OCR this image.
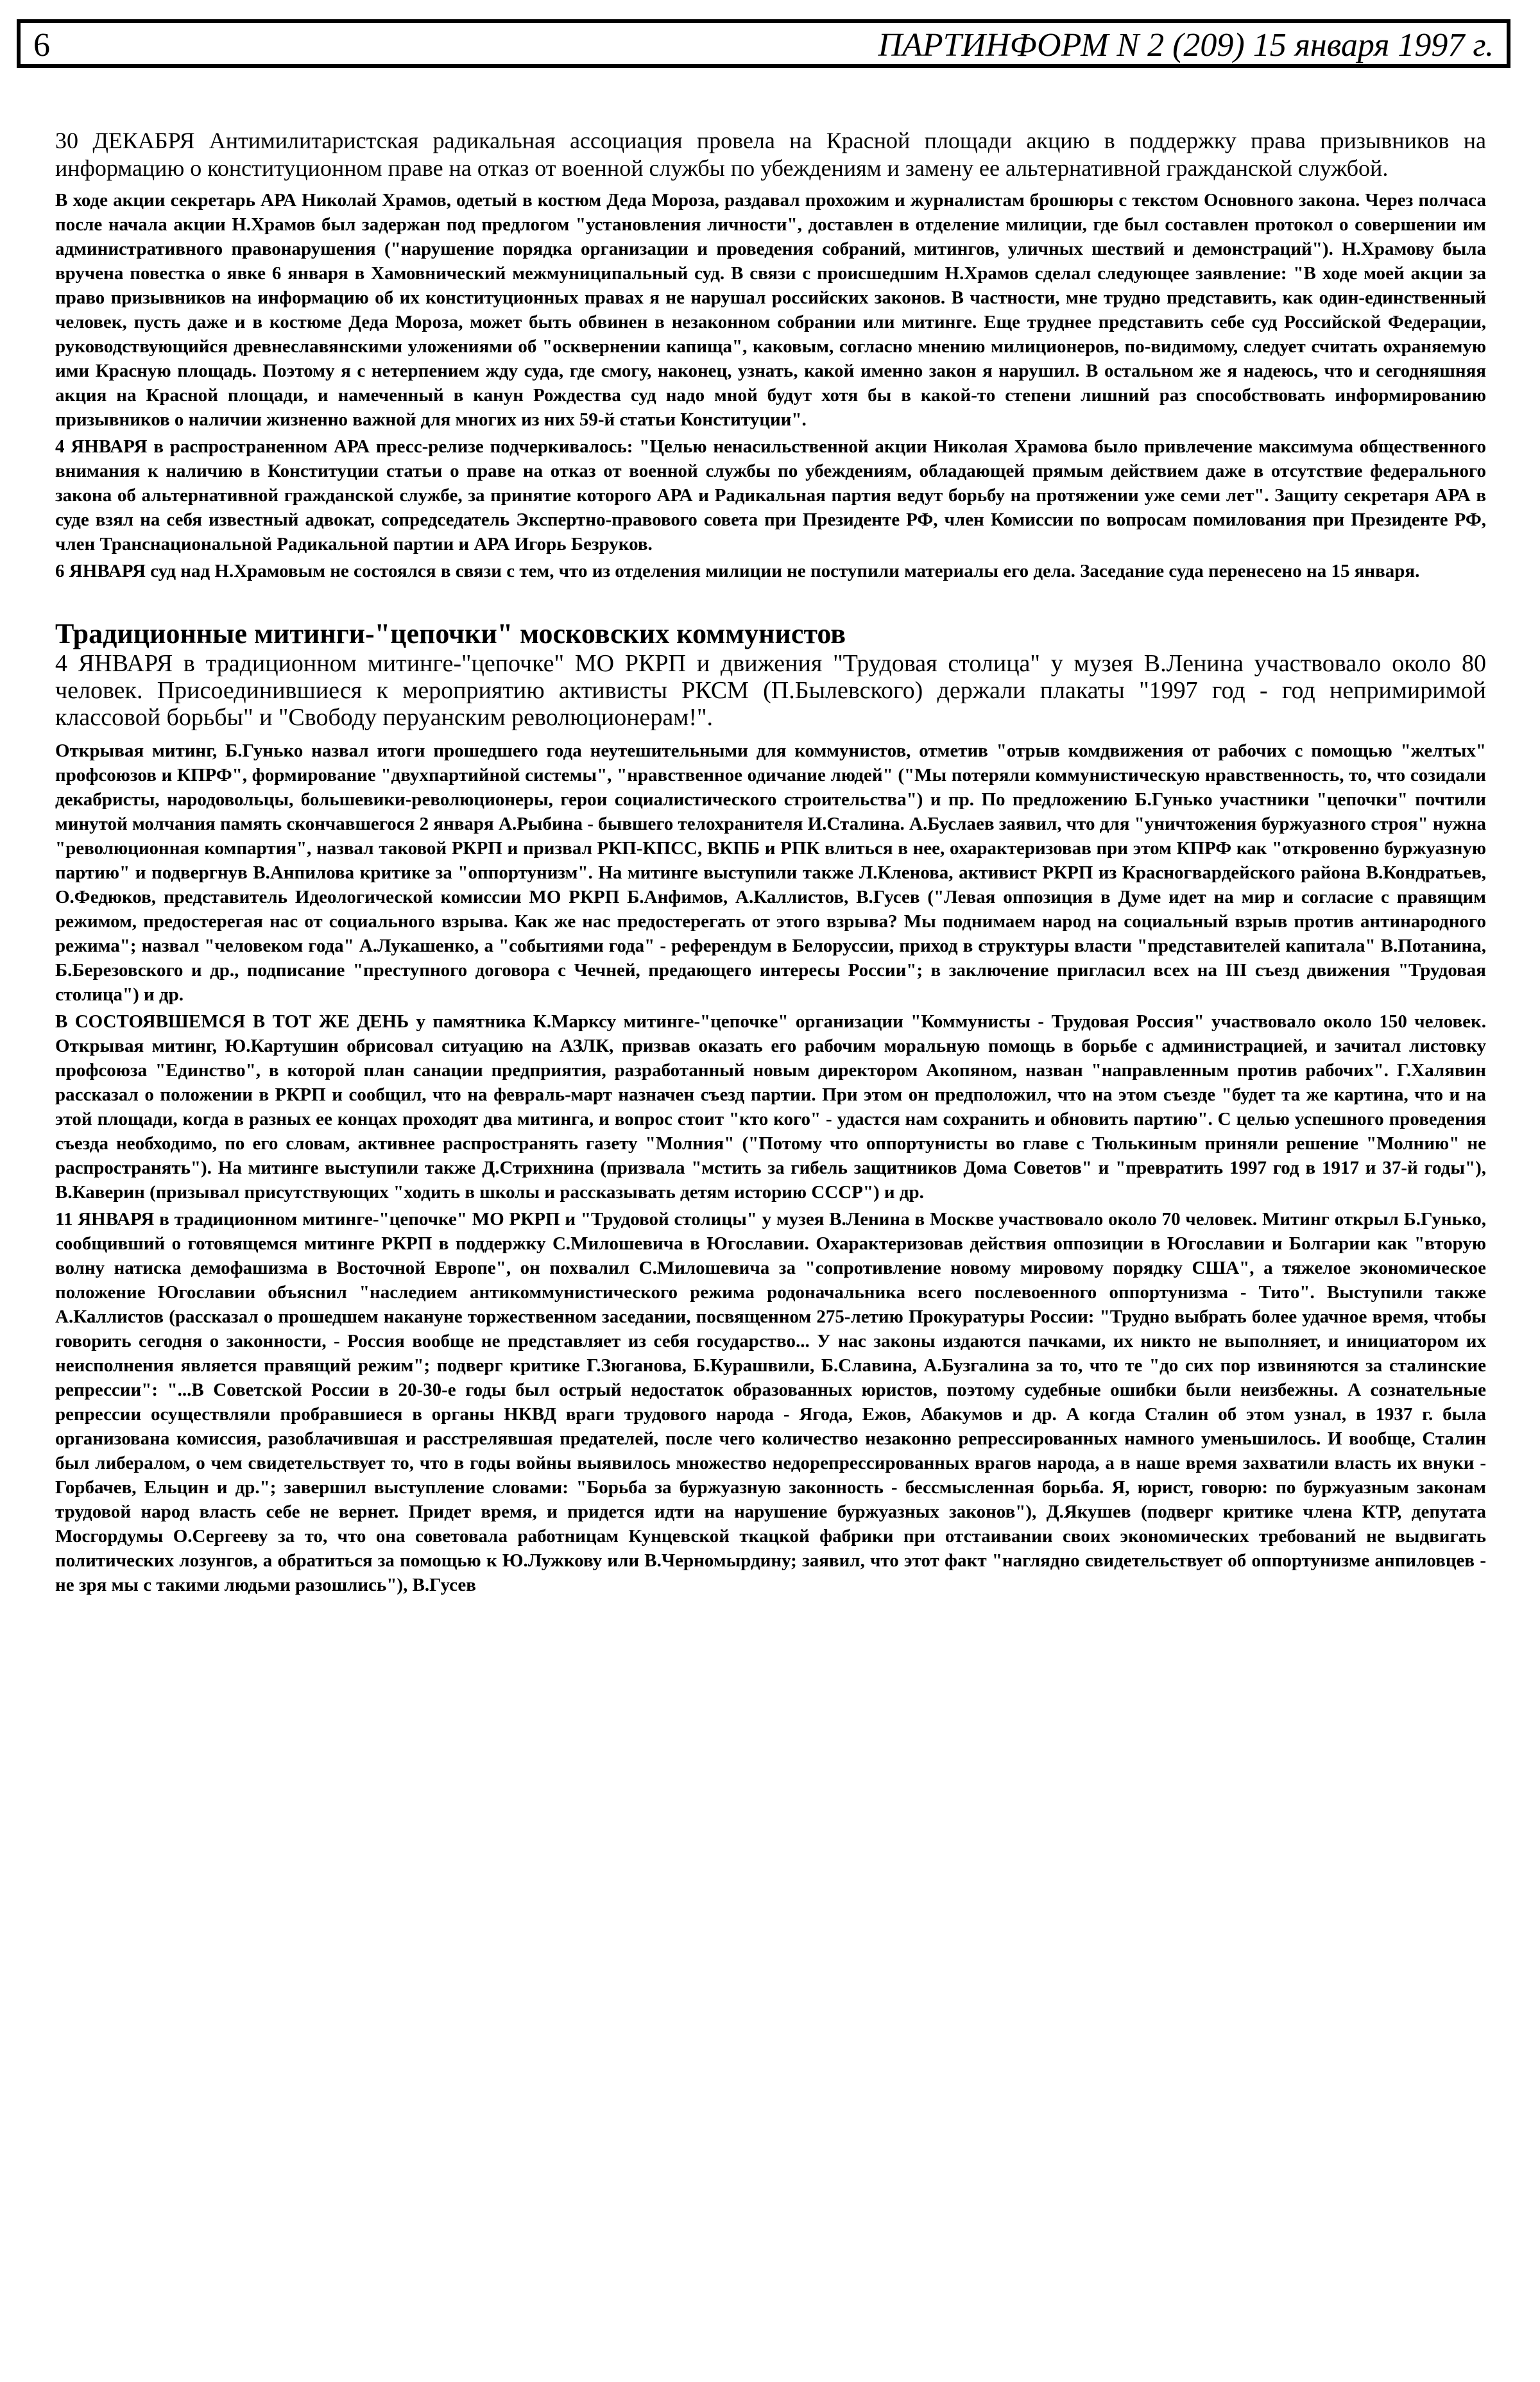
6	ПАРТИНФОРМ N 2 (209) 15 января 1997 г.

30 ДЕКАБРЯ Антимилитаристская радикальная ассоциация провела на Красной площади акцию в поддержку права призывников на информацию о конституционном праве на отказ от военной службы по убеждениям и замену ее альтернативной гражданской службой.

В ходе акции секретарь АРА Николай Храмов, одетый в костюм Деда Мороза, раздавал прохожим и журналистам брошюры с текстом Основного закона. Через полчаса после начала акции Н.Храмов был задержан под предлогом "установления личности", доставлен в отделение милиции, где был составлен протокол о совершении им административного правонарушения ("нарушение порядка организации и проведения собраний, митингов, уличных шествий и демонстраций"). Н.Храмову была вручена повестка о явке 6 января в Хамовнический межмуниципальный суд. В связи с происшедшим Н.Храмов сделал следующее заявление: "В ходе моей акции за право призывников на информацию об их конституционных правах я не нарушал российских законов. В частности, мне трудно представить, как один-единственный человек, пусть даже и в костюме Деда Мороза, может быть обвинен в незаконном собрании или митинге. Еще труднее представить себе суд Российской Федерации, руководствующийся древнеславянскими уложениями об "осквернении капища", каковым, согласно мнению милиционеров, по-видимому, следует считать охраняемую ими Красную площадь. Поэтому я с нетерпением жду суда, где смогу, наконец, узнать, какой именно закон я нарушил. В остальном же я надеюсь, что и сегодняшняя акция на Красной площади, и намеченный в канун Рождества суд надо мной будут хотя бы в какой-то степени лишний раз способствовать информированию призывников о наличии жизненно важной для многих из них 59-й статьи Конституции".

4 ЯНВАРЯ в распространенном АРА пресс-релизе подчеркивалось: "Целью ненасильственной акции Николая Храмова было привлечение максимума общественного внимания к наличию в Конституции статьи о праве на отказ от военной службы по убеждениям, обладающей прямым действием даже в отсутствие федерального закона об альтернативной гражданской службе, за принятие которого АРА и Радикальная партия ведут борьбу на протяжении уже семи лет". Защиту секретаря АРА в суде взял на себя известный адвокат, сопредседатель Экспертно-правового совета при Президенте РФ, член Комиссии по вопросам помилования при Президенте РФ, член Транснациональной Радикальной партии и АРА Игорь Безруков.

6 ЯНВАРЯ суд над Н.Храмовым не состоялся в связи с тем, что из отделения милиции не поступили материалы его дела. Заседание суда перенесено на 15 января.

Традиционные митинги-"цепочки" московских коммунистов

4 ЯНВАРЯ в традиционном митинге-"цепочке" МО РКРП и движения "Трудовая столица" у музея В.Ленина участвовало около 80 человек. Присоединившиеся к мероприятию активисты РКСМ (П.Былевского) держали плакаты "1997 год - год непримиримой классовой борьбы" и "Свободу перуанским революционерам!".

Открывая митинг, Б.Гунько назвал итоги прошедшего года неутешительными для коммунистов, отметив "отрыв комдвижения от рабочих с помощью "желтых" профсоюзов и КПРФ", формирование "двухпартийной системы", "нравственное одичание людей" ("Мы потеряли коммунистическую нравственность, то, что созидали декабристы, народовольцы, большевики-революционеры, герои социалистического строительства") и пр. По предложению Б.Гунько участники "цепочки" почтили минутой молчания память скончавшегося 2 января А.Рыбина - бывшего телохранителя И.Сталина. А.Буслаев заявил, что для "уничтожения буржуазного строя" нужна "революционная компартия", назвал таковой РКРП и призвал РКП-КПСС, ВКПБ и РПК влиться в нее, охарактеризовав при этом КПРФ как "откровенно буржуазную партию" и подвергнув В.Анпилова критике за "оппортунизм". На митинге выступили также Л.Кленова, активист РКРП из Красногвардейского района В.Кондратьев, О.Федюков, представитель Идеологической комиссии МО РКРП Б.Анфимов, А.Каллистов, В.Гусев ("Левая оппозиция в Думе идет на мир и согласие с правящим режимом, предостерегая нас от социального взрыва. Как же нас предостерегать от этого взрыва? Мы поднимаем народ на социальный взрыв против антинародного режима"; назвал "человеком года" А.Лукашенко, а "событиями года" - референдум в Белоруссии, приход в структуры власти "представителей капитала" В.Потанина, Б.Березовского и др., подписание "преступного договора с Чечней, предающего интересы России"; в заключение пригласил всех на III съезд движения "Трудовая столица") и др.

В СОСТОЯВШЕМСЯ В ТОТ ЖЕ ДЕНЬ у памятника К.Марксу митинге-"цепочке" организации "Коммунисты - Трудовая Россия" участвовало около 150 человек. Открывая митинг, Ю.Картушин обрисовал ситуацию на АЗЛК, призвав оказать его рабочим моральную помощь в борьбе с администрацией, и зачитал листовку профсоюза "Единство", в которой план санации предприятия, разработанный новым директором Акопяном, назван "направленным против рабочих". Г.Халявин рассказал о положении в РКРП и сообщил, что на февраль-март назначен съезд партии. При этом он предположил, что на этом съезде "будет та же картина, что и на этой площади, когда в разных ее концах проходят два митинга, и вопрос стоит "кто кого" - удастся нам сохранить и обновить партию". С целью успешного проведения съезда необходимо, по его словам, активнее распространять газету "Молния" ("Потому что оппортунисты во главе с Тюлькиным приняли решение "Молнию" не распространять"). На митинге выступили также Д.Стрихнина (призвала "мстить за гибель защитников Дома Советов" и "превратить 1997 год в 1917 и 37-й годы"), В.Каверин (призывал присутствующих "ходить в школы и рассказывать детям историю СССР") и др.

11 ЯНВАРЯ в традиционном митинге-"цепочке" МО РКРП и "Трудовой столицы" у музея В.Ленина в Москве участвовало около 70 человек. Митинг открыл Б.Гунько, сообщивший о готовящемся митинге РКРП в поддержку С.Милошевича в Югославии. Охарактеризовав действия оппозиции в Югославии и Болгарии как "вторую волну натиска демофашизма в Восточной Европе", он похвалил С.Милошевича за "сопротивление новому мировому порядку США", а тяжелое экономическое положение Югославии объяснил "наследием антикоммунистического режима родоначальника всего послевоенного оппортунизма - Тито". Выступили также А.Каллистов (рассказал о прошедшем накануне торжественном заседании, посвященном 275-летию Прокуратуры России: "Трудно выбрать более удачное время, чтобы говорить сегодня о законности, - Россия вообще не представляет из себя государство... У нас законы издаются пачками, их никто не выполняет, и инициатором их неисполнения является правящий режим"; подверг критике Г.Зюганова, Б.Курашвили, Б.Славина, А.Бузгалина за то, что те "до сих пор извиняются за сталинские репрессии": "...В Советской России в 20-30-е годы был острый недостаток образованных юристов, поэтому судебные ошибки были неизбежны. А сознательные репрессии осуществляли пробравшиеся в органы НКВД враги трудового народа - Ягода, Ежов, Абакумов и др. А когда Сталин об этом узнал, в 1937 г. была организована комиссия, разоблачившая и расстрелявшая предателей, после чего количество незаконно репрессированных намного уменьшилось. И вообще, Сталин был либералом, о чем свидетельствует то, что в годы войны выявилось множество недорепрессированных врагов народа, а в наше время захватили власть их внуки - Горбачев, Ельцин и др."; завершил выступление словами: "Борьба за буржуазную законность - бессмысленная борьба. Я, юрист, говорю: по буржуазным законам трудовой народ власть себе не вернет. Придет время, и придется идти на нарушение буржуазных законов"), Д.Якушев (подверг критике члена КТР, депутата Мосгордумы О.Сергееву за то, что она советовала работницам Кунцевской ткацкой фабрики при отстаивании своих экономических требований не выдвигать политических лозунгов, а обратиться за помощью к Ю.Лужкову или В.Черномырдину; заявил, что этот факт "наглядно свидетельствует об оппортунизме анпиловцев - не зря мы с такими людьми разошлись"), В.Гусев
